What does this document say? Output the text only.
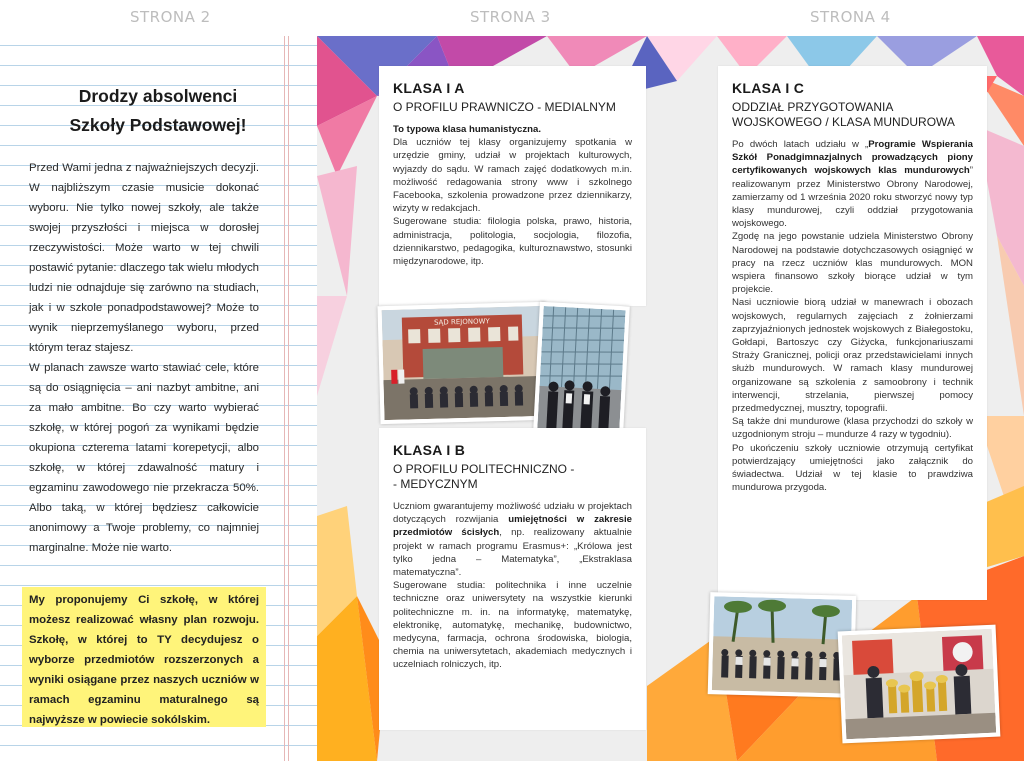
STRONA 2	STRONA 3	STRONA 4
Drodzy absolwenci
Szkoły Podstawowej!
Przed Wami jedna z najważniejszych decyzji. W najbliższym czasie musicie dokonać wyboru. Nie tylko nowej szkoły, ale także swojej przyszłości i miejsca w dorosłej rzeczywistości. Może warto w tej chwili postawić pytanie: dlaczego tak wielu młodych ludzi nie odnajduje się zarówno na studiach, jak i w szkole ponadpodstawowej? Może to wynik nieprzemyślanego wyboru, przed którym teraz stajesz.
W planach zawsze warto stawiać cele, które są do osiągnięcia – ani nazbyt ambitne, ani za mało ambitne. Bo czy warto wybierać szkołę, w której pogoń za wynikami będzie okupiona czterema latami korepetycji, albo szkołę, w której zdawalność matury i egzaminu zawodowego nie przekracza 50%. Albo taką, w której będziesz całkowicie anonimowy a Twoje problemy, co najmniej marginalne. Może nie warto.
My proponujemy Ci szkołę, w której możesz realizować własny plan rozwoju. Szkołę, w której to TY decydujesz o wyborze przedmiotów rozszerzonych a wyniki osiągane przez naszych uczniów w ramach egzaminu maturalnego są najwyższe w powiecie sokólskim.
KLASA I A
O PROFILU PRAWNICZO - MEDIALNYM
To typowa klasa humanistyczna.
Dla uczniów tej klasy organizujemy spotkania w urzędzie gminy, udział w projektach kulturowych, wyjazdy do sądu. W ramach zajęć dodatkowych m.in. możliwość redagowania strony www i szkolnego Facebooka, szkolenia prowadzone przez dziennikarzy, wizyty w redakcjach.
Sugerowane studia: filologia polska, prawo, historia, administracja, politologia, socjologia, filozofia, dziennikarstwo, pedagogika, kulturoznawstwo, stosunki międzynarodowe, itp.
SĄD REJONOWY
KLASA I B
O PROFILU POLITECHNICZNO -
- MEDYCZNYM
Uczniom gwarantujemy możliwość udziału w projektach dotyczących rozwijania umiejętności w zakresie przedmiotów ścisłych, np. realizowany aktualnie projekt w ramach programu Erasmus+: „Królowa jest tylko jedna – Matematyka”, „Ekstraklasa matematyczna”.
Sugerowane studia: politechnika i inne uczelnie techniczne oraz uniwersytety na wszystkie kierunki politechniczne m. in. na informatykę, matematykę, elektronikę, automatykę, mechanikę, budownictwo, medycyna, farmacja, ochrona środowiska, biologia, chemia na uniwersytetach, akademiach medycznych i uczelniach rolniczych, itp.
KLASA I C
ODDZIAŁ PRZYGOTOWANIA
WOJSKOWEGO / KLASA MUNDUROWA
Po dwóch latach udziału w „Programie Wspierania Szkół Ponadgimnazjalnych prowadzących piony certyfikowanych wojskowych klas mundurowych” realizowanym przez Ministerstwo Obrony Narodowej, zamierzamy od 1 września 2020 roku stworzyć nowy typ klasy mundurowej, czyli oddział przygotowania wojskowego.
Zgodę na jego powstanie udziela Ministerstwo Obrony Narodowej na podstawie dotychczasowych osiągnięć w pracy na rzecz uczniów klas mundurowych. MON wspiera finansowo szkoły biorące udział w tym projekcie.
Nasi uczniowie biorą udział w manewrach i obozach wojskowych, regularnych zajęciach z żołnierzami zaprzyjaźnionych jednostek wojskowych z Białegostoku, Gołdapi, Bartoszyc czy Giżycka, funkcjonariuszami Straży Granicznej, policji oraz przedstawicielami innych służb mundurowych. W ramach klasy mundurowej organizowane są szkolenia z samoobrony i technik interwencji, strzelania, pierwszej pomocy przedmedycznej, musztry, topografii.
Są także dni mundurowe (klasa przychodzi do szkoły w uzgodnionym stroju – mundurze 4 razy w tygodniu).
Po ukończeniu szkoły uczniowie otrzymują certyfikat potwierdzający umiejętności jako załącznik do świadectwa. Udział w tej klasie to prawdziwa mundurowa przygoda.
